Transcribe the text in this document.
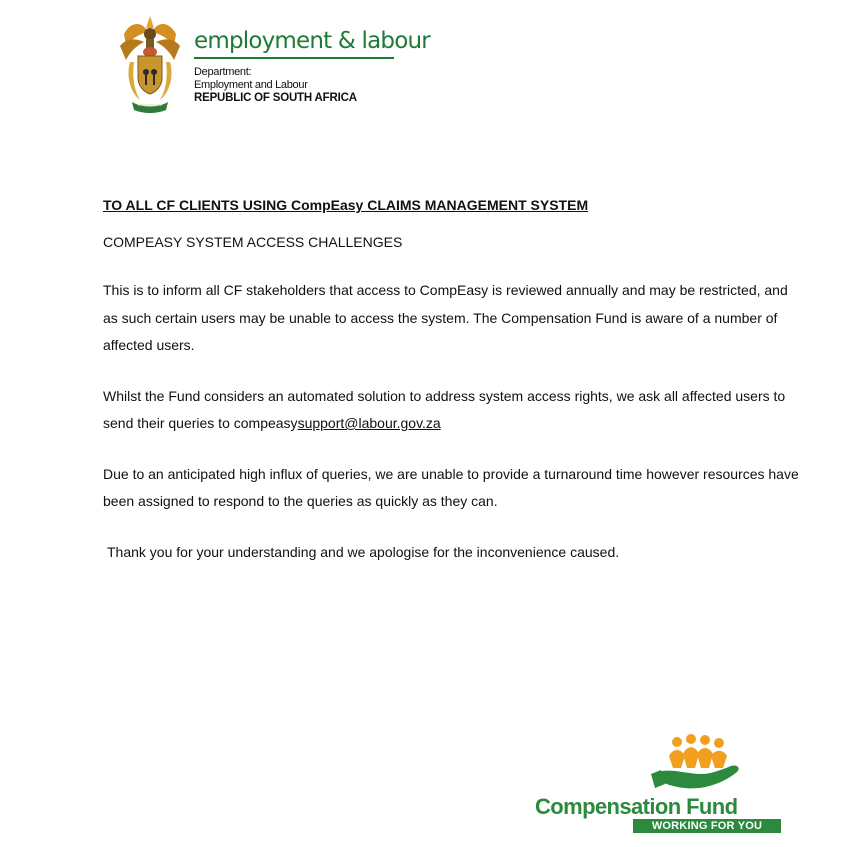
employment & labour
Department:
Employment and Labour
REPUBLIC OF SOUTH AFRICA

TO ALL CF CLIENTS USING CompEasy CLAIMS MANAGEMENT SYSTEM

COMPEASY SYSTEM ACCESS CHALLENGES

This is to inform all CF stakeholders that access to CompEasy is reviewed annually and may be restricted, and as such certain users may be unable to access the system. The Compensation Fund is aware of a number of affected users.

Whilst the Fund considers an automated solution to address system access rights, we ask all affected users to send their queries to compeasysupport@labour.gov.za

Due to an anticipated high influx of queries, we are unable to provide a turnaround time however resources have been assigned to respond to the queries as quickly as they can.

Thank you for your understanding and we apologise for the inconvenience caused.

Compensation Fund
WORKING FOR YOU
